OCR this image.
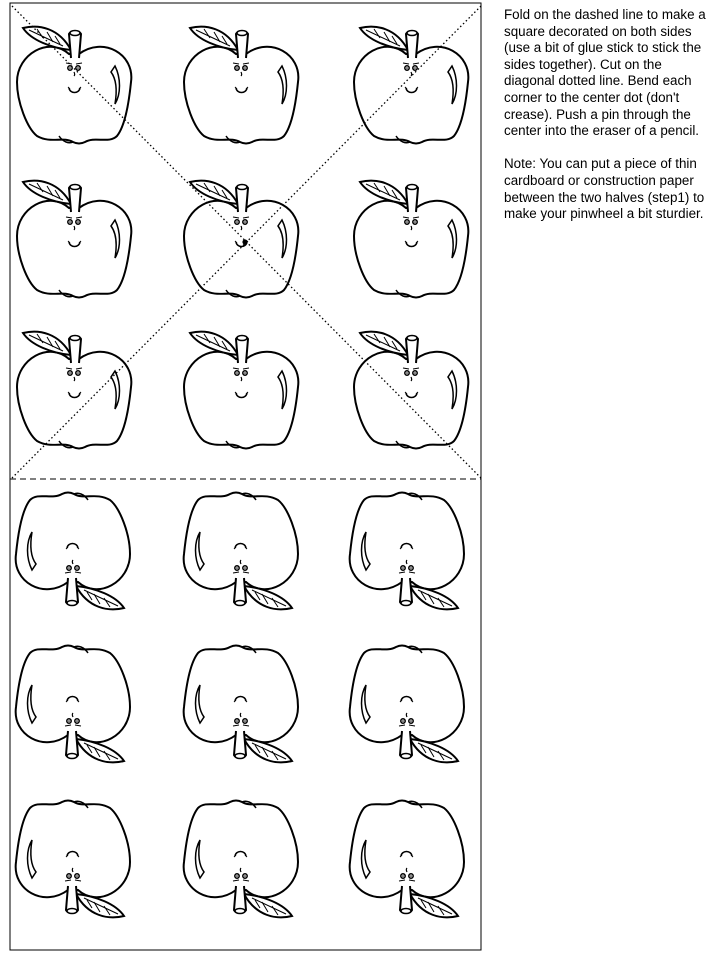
Fold on the dashed line to make a square decorated on both sides (use a bit of glue stick to stick the sides together). Cut on the diagonal dotted line. Bend each corner to the center dot (don't crease). Push a pin through the center into the eraser of a pencil.

Note: You can put a piece of thin cardboard or construction paper between the two halves (step1) to make your pinwheel a bit sturdier.
